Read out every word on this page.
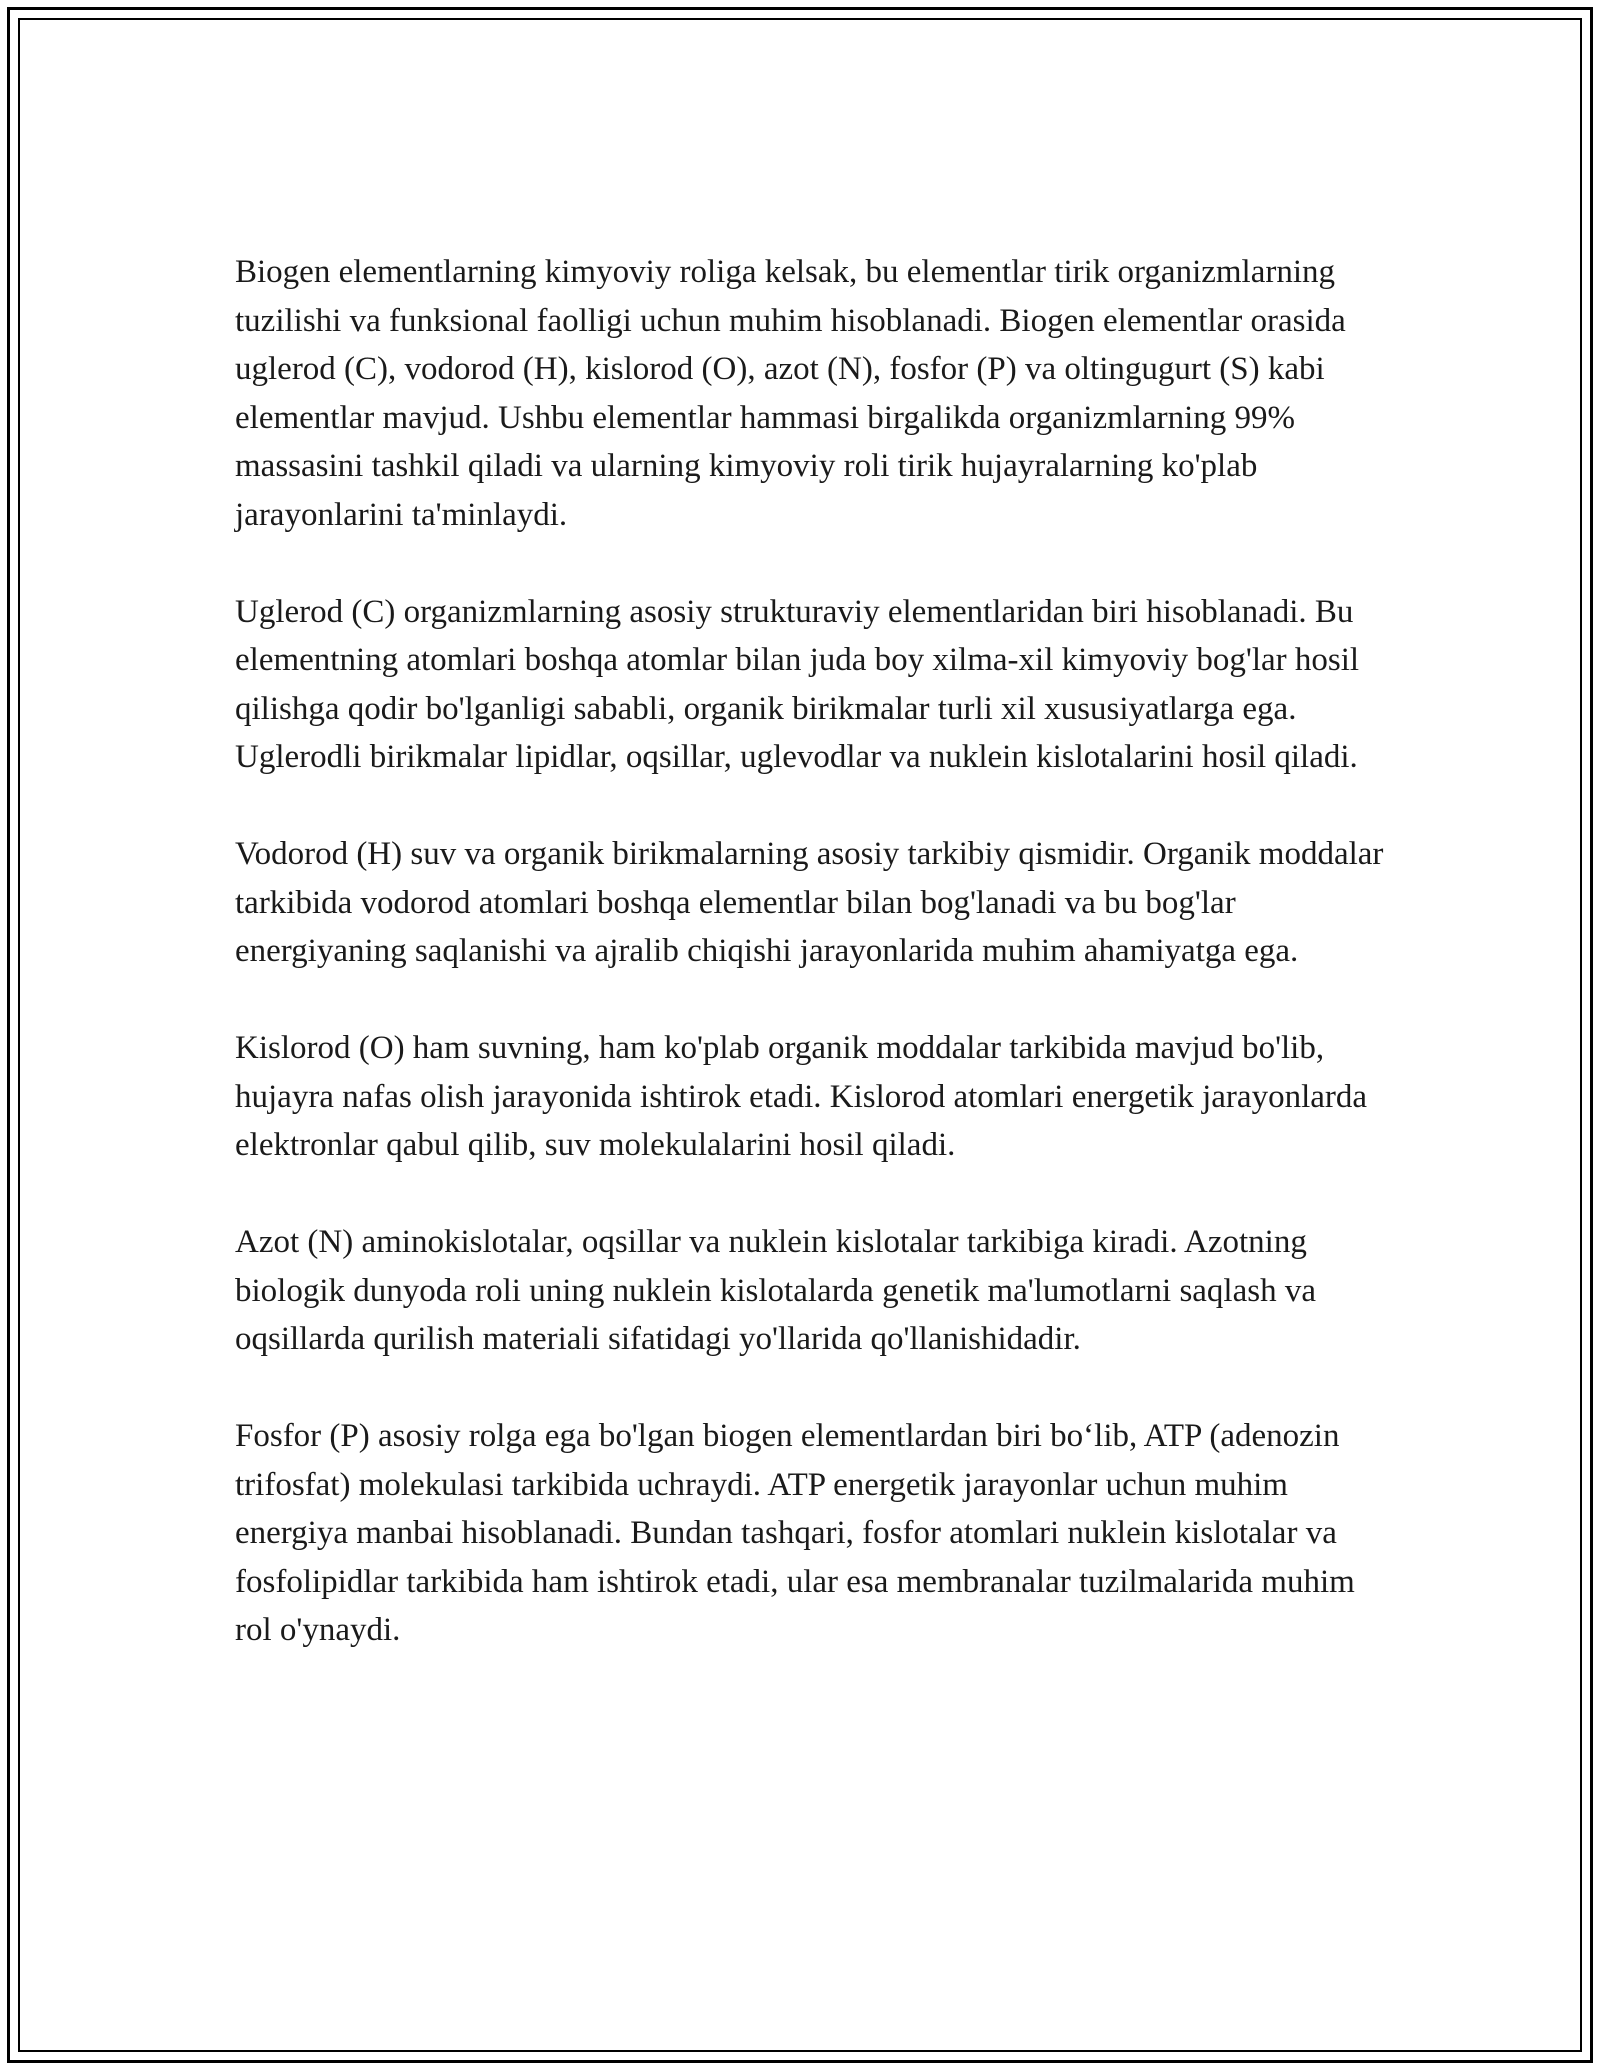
Biogen elementlarning kimyoviy roliga kelsak, bu elementlar tirik organizmlarning tuzilishi va funksional faolligi uchun muhim hisoblanadi. Biogen elementlar orasida uglerod (C), vodorod (H), kislorod (O), azot (N), fosfor (P) va oltingugurt (S) kabi elementlar mavjud. Ushbu elementlar hammasi birgalikda organizmlarning 99% massasini tashkil qiladi va ularning kimyoviy roli tirik hujayralarning ko'plab jarayonlarini ta'minlaydi.

Uglerod (C) organizmlarning asosiy strukturaviy elementlaridan biri hisoblanadi. Bu elementning atomlari boshqa atomlar bilan juda boy xilma-xil kimyoviy bog'lar hosil qilishga qodir bo'lganligi sababli, organik birikmalar turli xil xususiyatlarga ega. Uglerodli birikmalar lipidlar, oqsillar, uglevodlar va nuklein kislotalarini hosil qiladi.

Vodorod (H) suv va organik birikmalarning asosiy tarkibiy qismidir. Organik moddalar tarkibida vodorod atomlari boshqa elementlar bilan bog'lanadi va bu bog'lar energiyaning saqlanishi va ajralib chiqishi jarayonlarida muhim ahamiyatga ega.

Kislorod (O) ham suvning, ham ko'plab organik moddalar tarkibida mavjud bo'lib, hujayra nafas olish jarayonida ishtirok etadi. Kislorod atomlari energetik jarayonlarda elektronlar qabul qilib, suv molekulalarini hosil qiladi.

Azot (N) aminokislotalar, oqsillar va nuklein kislotalar tarkibiga kiradi. Azotning biologik dunyoda roli uning nuklein kislotalarda genetik ma'lumotlarni saqlash va oqsillarda qurilish materiali sifatidagi yo'llarida qo'llanishidadir.

Fosfor (P) asosiy rolga ega bo'lgan biogen elementlardan biri bo‘lib, ATP (adenozin trifosfat) molekulasi tarkibida uchraydi. ATP energetik jarayonlar uchun muhim energiya manbai hisoblanadi. Bundan tashqari, fosfor atomlari nuklein kislotalar va fosfolipidlar tarkibida ham ishtirok etadi, ular esa membranalar tuzilmalarida muhim rol o'ynaydi.
